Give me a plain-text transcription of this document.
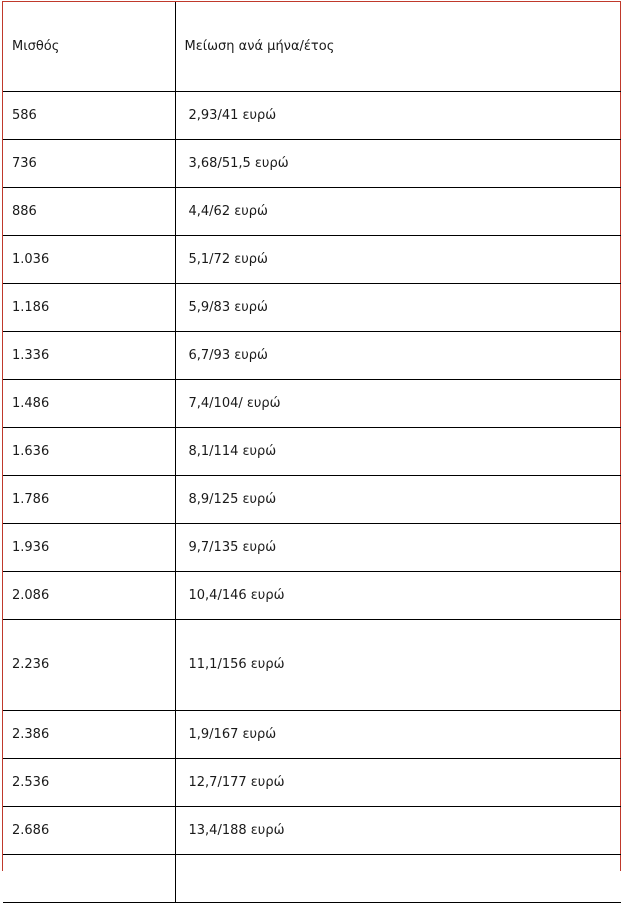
Μισθός	Μείωση ανά μήνα/έτος
586	2,93/41 ευρώ
736	3,68/51,5 ευρώ
886	4,4/62 ευρώ
1.036	5,1/72 ευρώ
1.186	5,9/83 ευρώ
1.336	6,7/93 ευρώ
1.486	7,4/104/ ευρώ
1.636	8,1/114 ευρώ
1.786	8,9/125 ευρώ
1.936	9,7/135 ευρώ
2.086	10,4/146 ευρώ
2.236	11,1/156 ευρώ
2.386	1,9/167 ευρώ
2.536	12,7/177 ευρώ
2.686	13,4/188 ευρώ
